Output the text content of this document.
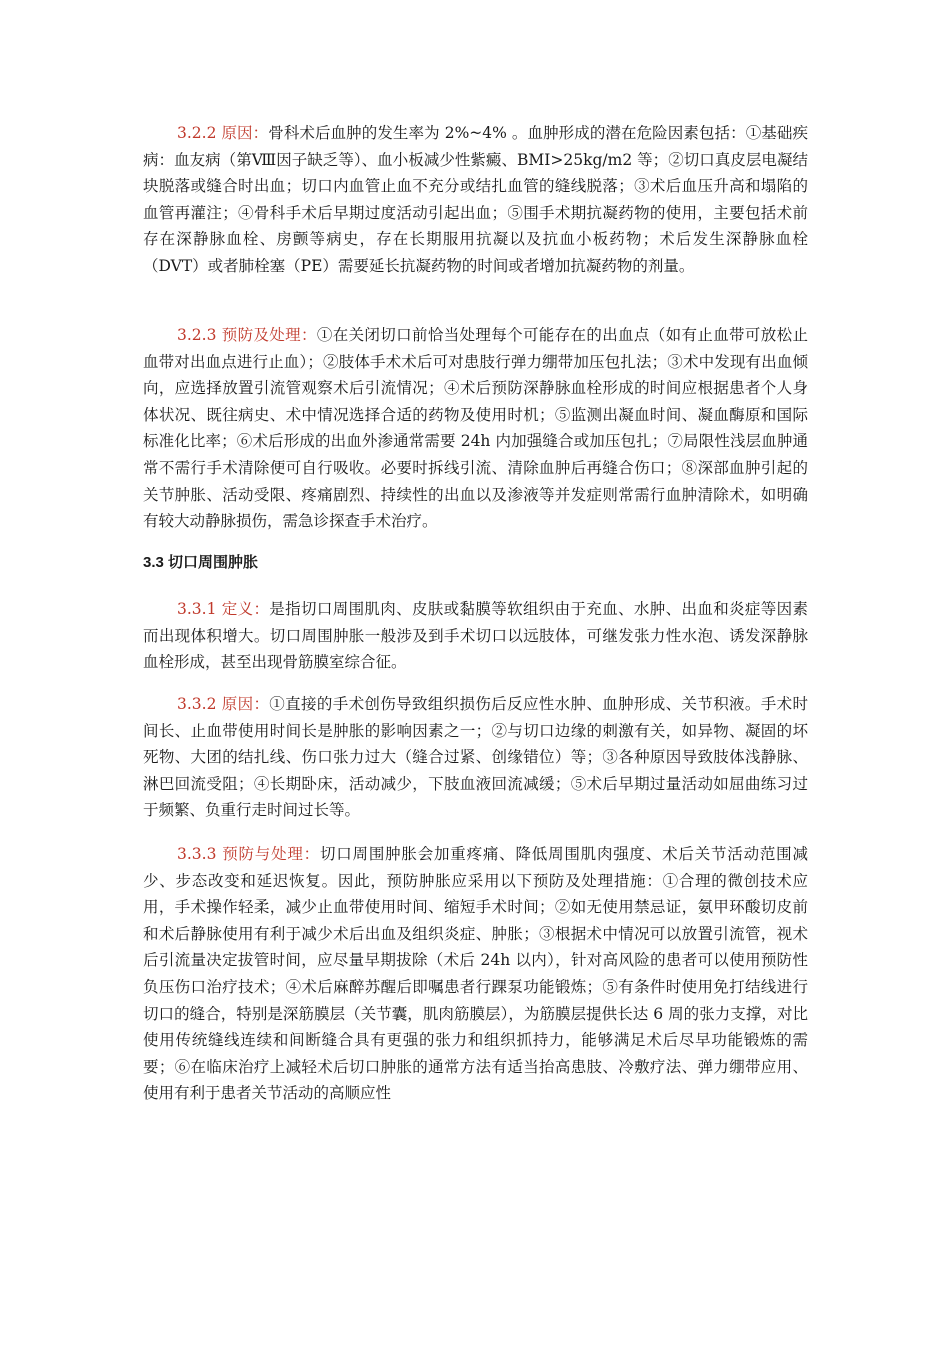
3.2.2 原因：骨科术后血肿的发生率为 2%~4% 。血肿形成的潜在危险因素包括：①基础疾病：血友病（第Ⅷ因子缺乏等）、血小板减少性紫癜、BMI>25kg/m2 等；②切口真皮层电凝结块脱落或缝合时出血；切口内血管止血不充分或结扎血管的缝线脱落；③术后血压升高和塌陷的血管再灌注；④骨科手术后早期过度活动引起出血；⑤围手术期抗凝药物的使用，主要包括术前存在深静脉血栓、房颤等病史，存在长期服用抗凝以及抗血小板药物；术后发生深静脉血栓（DVT）或者肺栓塞（PE）需要延长抗凝药物的时间或者增加抗凝药物的剂量。

3.2.3 预防及处理：①在关闭切口前恰当处理每个可能存在的出血点（如有止血带可放松止血带对出血点进行止血）；②肢体手术术后可对患肢行弹力绷带加压包扎法；③术中发现有出血倾向，应选择放置引流管观察术后引流情况；④术后预防深静脉血栓形成的时间应根据患者个人身体状况、既往病史、术中情况选择合适的药物及使用时机；⑤监测出凝血时间、凝血酶原和国际标准化比率；⑥术后形成的出血外渗通常需要 24h 内加强缝合或加压包扎；⑦局限性浅层血肿通常不需行手术清除便可自行吸收。必要时拆线引流、清除血肿后再缝合伤口；⑧深部血肿引起的关节肿胀、活动受限、疼痛剧烈、持续性的出血以及渗液等并发症则常需行血肿清除术，如明确有较大动静脉损伤，需急诊探查手术治疗。

3.3 切口周围肿胀

3.3.1 定义：是指切口周围肌肉、皮肤或黏膜等软组织由于充血、水肿、出血和炎症等因素而出现体积增大。切口周围肿胀一般涉及到手术切口以远肢体，可继发张力性水泡、诱发深静脉血栓形成，甚至出现骨筋膜室综合征。

3.3.2 原因：①直接的手术创伤导致组织损伤后反应性水肿、血肿形成、关节积液。手术时间长、止血带使用时间长是肿胀的影响因素之一；②与切口边缘的刺激有关，如异物、凝固的坏死物、大团的结扎线、伤口张力过大（缝合过紧、创缘错位）等；③各种原因导致肢体浅静脉、淋巴回流受阻；④长期卧床，活动减少，下肢血液回流减缓；⑤术后早期过量活动如屈曲练习过于频繁、负重行走时间过长等。

3.3.3 预防与处理：切口周围肿胀会加重疼痛、降低周围肌肉强度、术后关节活动范围减少、步态改变和延迟恢复。因此，预防肿胀应采用以下预防及处理措施：①合理的微创技术应用，手术操作轻柔，减少止血带使用时间、缩短手术时间；②如无使用禁忌证，氨甲环酸切皮前和术后静脉使用有利于减少术后出血及组织炎症、肿胀；③根据术中情况可以放置引流管，视术后引流量决定拔管时间，应尽量早期拔除（术后 24h 以内），针对高风险的患者可以使用预防性负压伤口治疗技术；④术后麻醉苏醒后即嘱患者行踝泵功能锻炼；⑤有条件时使用免打结线进行切口的缝合，特别是深筋膜层（关节囊，肌肉筋膜层），为筋膜层提供长达 6 周的张力支撑，对比使用传统缝线连续和间断缝合具有更强的张力和组织抓持力，能够满足术后尽早功能锻炼的需要；⑥在临床治疗上减轻术后切口肿胀的通常方法有适当抬高患肢、冷敷疗法、弹力绷带应用、使用有利于患者关节活动的高顺应性
